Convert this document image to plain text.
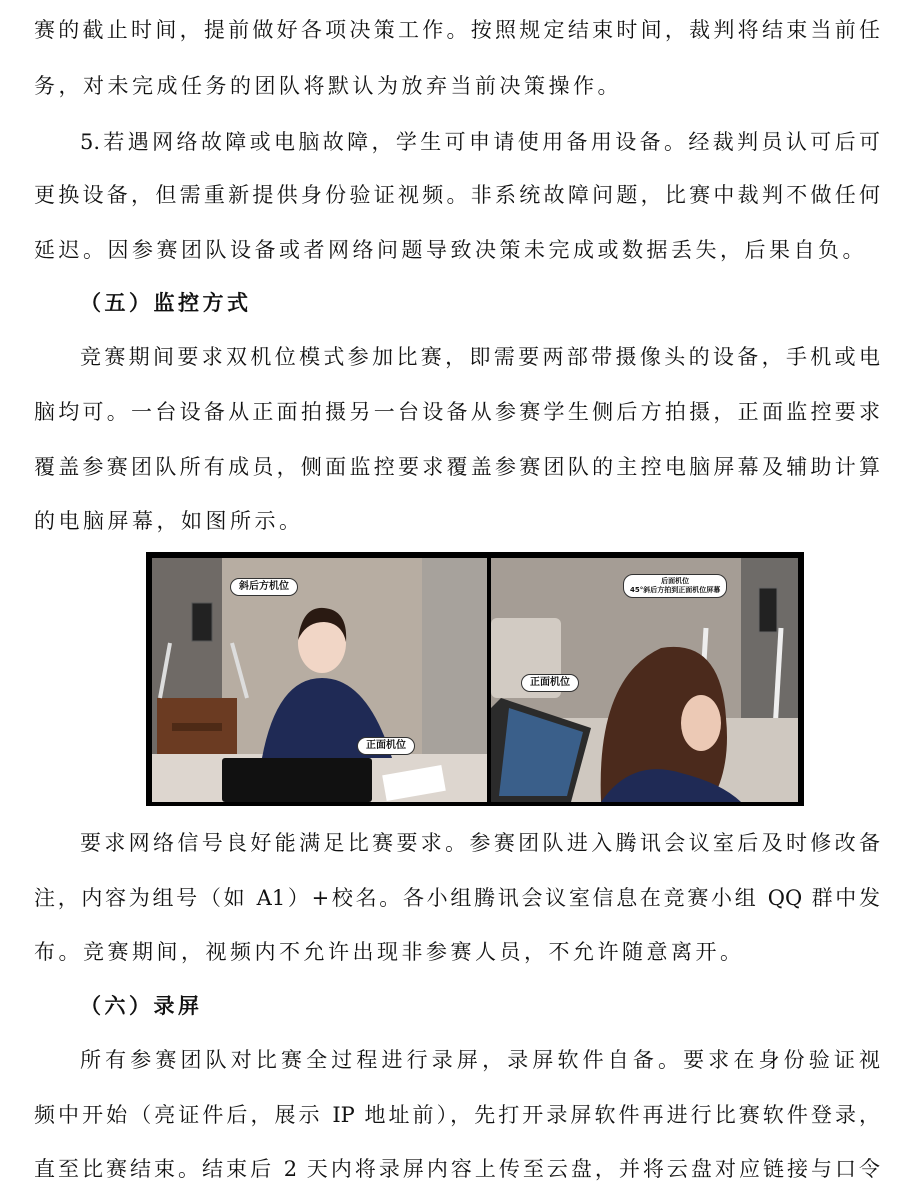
赛的截止时间，提前做好各项决策工作。按照规定结束时间，裁判将结束当前任
务，对未完成任务的团队将默认为放弃当前决策操作。
5.若遇网络故障或电脑故障，学生可申请使用备用设备。经裁判员认可后可
更换设备，但需重新提供身份验证视频。非系统故障问题，比赛中裁判不做任何
延迟。因参赛团队设备或者网络问题导致决策未完成或数据丢失，后果自负。
（五）监控方式
竞赛期间要求双机位模式参加比赛，即需要两部带摄像头的设备，手机或电
脑均可。一台设备从正面拍摄另一台设备从参赛学生侧后方拍摄，正面监控要求
覆盖参赛团队所有成员，侧面监控要求覆盖参赛团队的主控电脑屏幕及辅助计算
的电脑屏幕，如图所示。
斜后方机位
正面机位
后面机位
45°斜后方拍到正面机位屏幕
正面机位
要求网络信号良好能满足比赛要求。参赛团队进入腾讯会议室后及时修改备
注，内容为组号（如 A1）+校名。各小组腾讯会议室信息在竞赛小组 QQ 群中发
布。竞赛期间，视频内不允许出现非参赛人员，不允许随意离开。
（六）录屏
所有参赛团队对比赛全过程进行录屏，录屏软件自备。要求在身份验证视
频中开始（亮证件后，展示 IP 地址前），先打开录屏软件再进行比赛软件登录，
直至比赛结束。结束后 2 天内将录屏内容上传至云盘，并将云盘对应链接与口令
